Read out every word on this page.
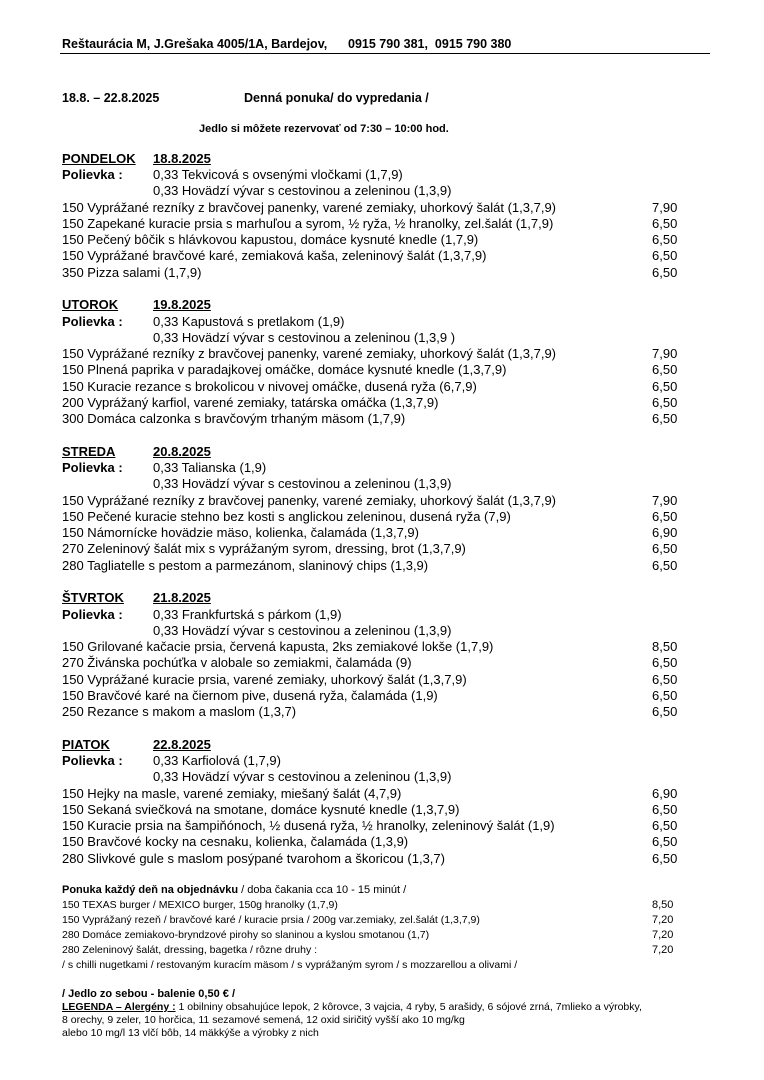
Reštaurácia M, J.Grešaka 4005/1A, Bardejov,      0915 790 381,  0915 790 380
18.8. – 22.8.2025	Denná ponuka/ do vypredania /
Jedlo si môžete rezervovať od 7:30 – 10:00 hod.
PONDELOK 18.8.2025
Polievka : 0,33 Tekvicová s ovsenými vločkami (1,7,9)
0,33 Hovädzí vývar s cestovinou a zeleninou (1,3,9)
150 Vyprážané rezníky z bravčovej panenky, varené zemiaky, uhorkový šalát (1,3,7,9)	7,90
150 Zapekané kuracie prsia s marhuľou a syrom, ½ ryža, ½ hranolky, zel.šalát (1,7,9)	6,50
150 Pečený bôčik s hlávkovou kapustou, domáce kysnuté knedle (1,7,9)	6,50
150 Vyprážané bravčové karé, zemiaková kaša, zeleninový šalát (1,3,7,9)	6,50
350 Pizza salami (1,7,9)	6,50
UTOROK	19.8.2025
Polievka : 0,33 Kapustová s pretlakom (1,9)
0,33 Hovädzí vývar s cestovinou a zeleninou (1,3,9 )
150 Vyprážané rezníky z bravčovej panenky, varené zemiaky, uhorkový šalát (1,3,7,9)	7,90
150 Plnená paprika v paradajkovej omáčke, domáce kysnuté knedle (1,3,7,9)	6,50
150 Kuracie rezance s brokolicou v nivovej omáčke, dusená ryža (6,7,9)	6,50
200 Vyprážaný karfiol, varené zemiaky, tatárska omáčka (1,3,7,9)	6,50
300 Domáca calzonka s bravčovým trhaným mäsom (1,7,9)	6,50
STREDA	20.8.2025
Polievka : 0,33 Talianska (1,9)
0,33 Hovädzí vývar s cestovinou a zeleninou (1,3,9)
150 Vyprážané rezníky z bravčovej panenky, varené zemiaky, uhorkový šalát (1,3,7,9)	7,90
150 Pečené kuracie stehno bez kosti s anglickou zeleninou, dusená ryža (7,9)	6,50
150 Námornícke hovädzie mäso, kolienka, čalamáda (1,3,7,9)	6,90
270 Zeleninový šalát mix s vyprážaným syrom, dressing, brot (1,3,7,9)	6,50
280 Tagliatelle s pestom a parmezánom, slaninový chips (1,3,9)	6,50
ŠTVRTOK 21.8.2025
Polievka : 0,33 Frankfurtská s párkom (1,9)
0,33 Hovädzí vývar s cestovinou a zeleninou (1,3,9)
150 Grilované kačacie prsia, červená kapusta, 2ks zemiakové lokše (1,7,9)	8,50
270 Živánska pochúťka v alobale so zemiakmi, čalamáda (9)	6,50
150 Vyprážané kuracie prsia, varené zemiaky, uhorkový šalát (1,3,7,9)	6,50
150 Bravčové karé na čiernom pive, dusená ryža, čalamáda (1,9)	6,50
250 Rezance s makom a maslom (1,3,7)	6,50
PIATOK	22.8.2025
Polievka : 0,33 Karfiolová (1,7,9)
0,33 Hovädzí vývar s cestovinou a zeleninou (1,3,9)
150 Hejky na masle, varené zemiaky, miešaný šalát (4,7,9)	6,90
150 Sekaná sviečková na smotane, domáce kysnuté knedle (1,3,7,9)	6,50
150 Kuracie prsia na šampiňónoch, ½ dusená ryža, ½ hranolky, zeleninový šalát (1,9)	6,50
150 Bravčové kocky na cesnaku, kolienka, čalamáda (1,3,9)	6,50
280 Slivkové gule s maslom posýpané tvarohom a škoricou (1,3,7)	6,50
Ponuka každý deň na objednávku / doba čakania cca 10 - 15 minút /
150 TEXAS burger / MEXICO burger, 150g hranolky (1,7,9)	8,50
150 Vyprážaný rezeň / bravčové karé / kuracie prsia / 200g var.zemiaky, zel.šalát (1,3,7,9)	7,20
280 Domáce zemiakovo-bryndzové pirohy so slaninou a kyslou smotanou (1,7)	7,20
280 Zeleninový šalát, dressing, bagetka / rôzne druhy :	7,20
/ s chilli nugetkami / restovaným kuracím mäsom / s vyprážaným syrom / s mozzarellou a olivami /
/ Jedlo zo sebou - balenie 0,50 € /
LEGENDA – Alergény : 1 obilniny obsahujúce lepok, 2 kôrovce, 3 vajcia, 4 ryby, 5 arašidy, 6 sójové zrná, 7mlieko a výrobky,
8 orechy, 9 zeler, 10 horčica, 11 sezamové semená, 12 oxid siričitý vyšší ako 10 mg/kg
alebo 10 mg/l 13 vlčí bôb, 14 mäkkýše a výrobky z nich
